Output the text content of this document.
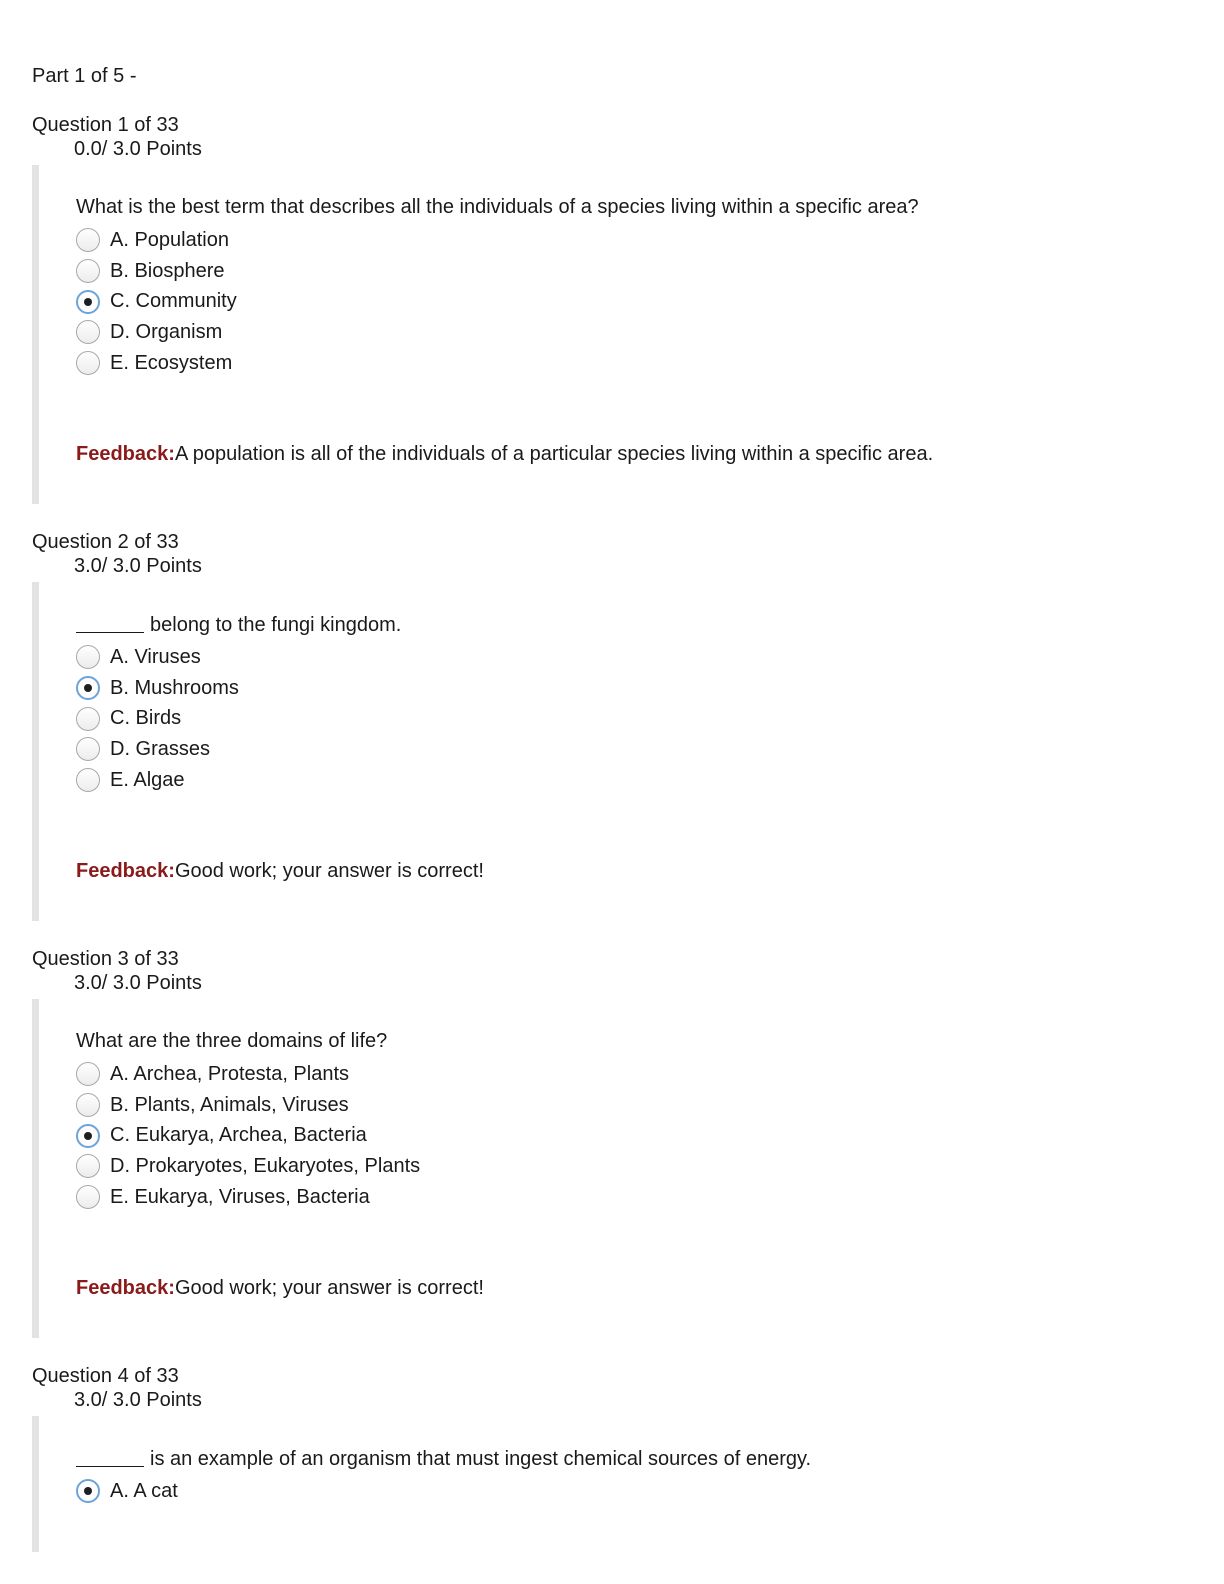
Part 1 of 5 -
Question 1 of 33
0.0/ 3.0 Points
What is the best term that describes all the individuals of a species living within a specific area?
A. Population
B. Biosphere
C. Community
D. Organism
E. Ecosystem
Feedback:A population is all of the individuals of a particular species living within a specific area.
Question 2 of 33
3.0/ 3.0 Points
belong to the fungi kingdom.
A. Viruses
B. Mushrooms
C. Birds
D. Grasses
E. Algae
Feedback:Good work; your answer is correct!
Question 3 of 33
3.0/ 3.0 Points
What are the three domains of life?
A. Archea, Protesta, Plants
B. Plants, Animals, Viruses
C. Eukarya, Archea, Bacteria
D. Prokaryotes, Eukaryotes, Plants
E. Eukarya, Viruses, Bacteria
Feedback:Good work; your answer is correct!
Question 4 of 33
3.0/ 3.0 Points
is an example of an organism that must ingest chemical sources of energy.
A. A cat
